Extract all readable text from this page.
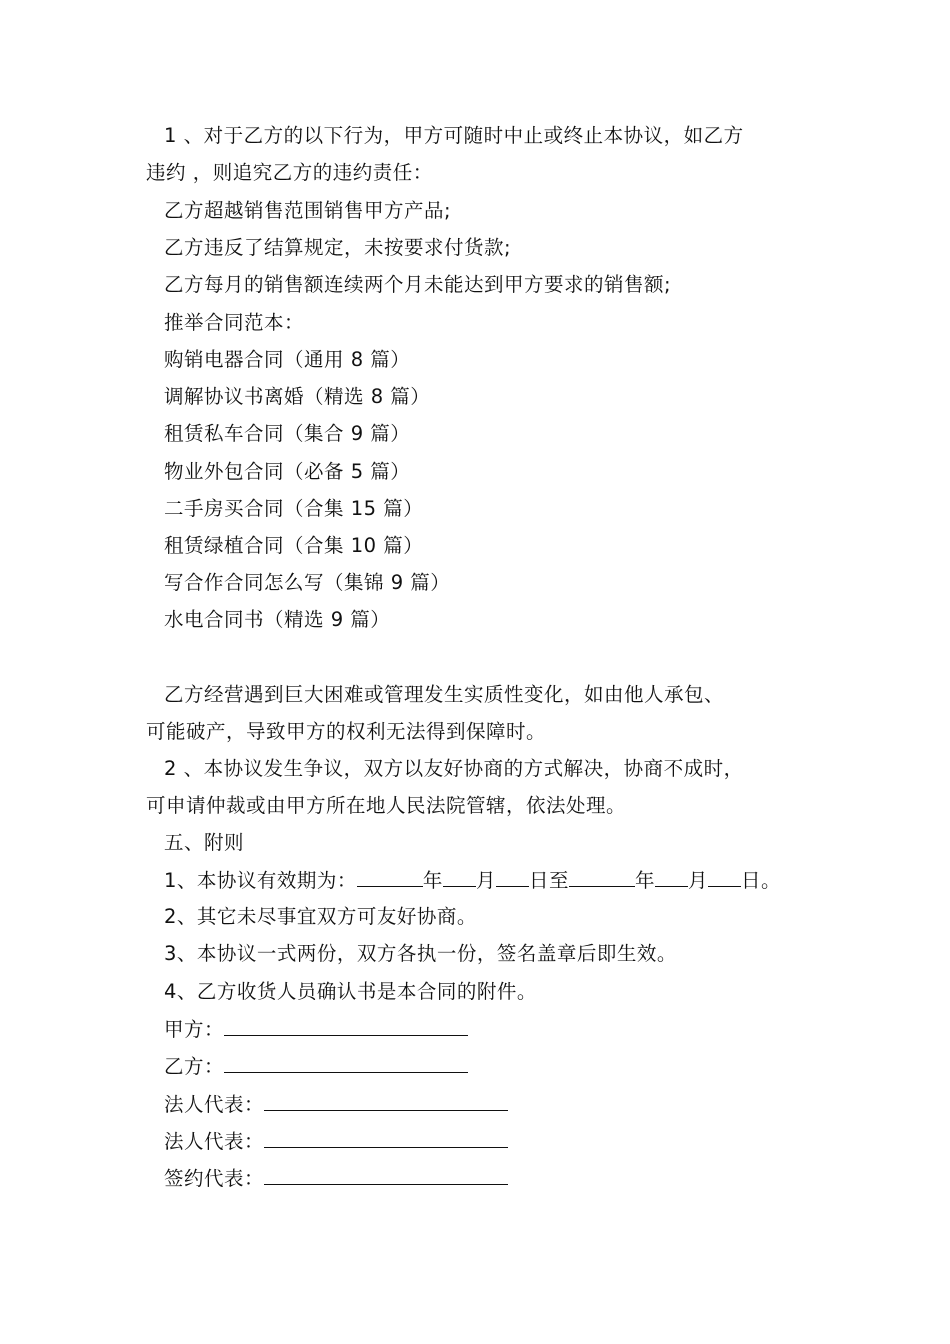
1 、对于乙方的以下行为，甲方可随时中止或终止本协议，如乙方
违约 ，则追究乙方的违约责任：
乙方超越销售范围销售甲方产品;
乙方违反了结算规定，未按要求付货款;
乙方每月的销售额连续两个月未能达到甲方要求的销售额;
推举合同范本：
购销电器合同（通用 8 篇）
调解协议书离婚（精选 8 篇）
租赁私车合同（集合 9 篇）
物业外包合同（必备 5 篇）
二手房买合同（合集 15 篇）
租赁绿植合同（合集 10 篇）
写合作合同怎么写（集锦 9 篇）
水电合同书（精选 9 篇）
乙方经营遇到巨大困难或管理发生实质性变化，如由他人承包、
可能破产，导致甲方的权利无法得到保障时。
2 、本协议发生争议，双方以友好协商的方式解决，协商不成时，
可申请仲裁或由甲方所在地人民法院管辖，依法处理。
五、附则
1、本协议有效期为：	年 月 日至	年 月 日。
2、其它未尽事宜双方可友好协商。
3、本协议一式两份，双方各执一份，签名盖章后即生效。
4、乙方收货人员确认书是本合同的附件。
甲方：
乙方：
法人代表：
法人代表：
签约代表：
